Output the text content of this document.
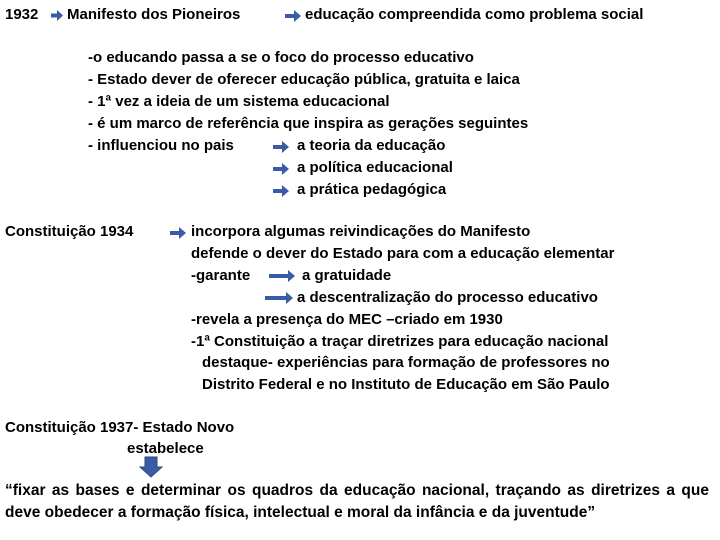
1932 Manifesto dos Pioneiros	educação compreendida como problema social
-o educando passa a se o foco do processo educativo
- Estado dever de oferecer educação pública, gratuita e laica
- 1ª vez a ideia de um sistema educacional
- é um marco de referência que inspira as gerações seguintes
- influenciou no pais	a teoria da educação
a política educacional
a prática pedagógica
Constituição 1934	incorpora algumas reivindicações do Manifesto
defende o dever do Estado para com a educação elementar
-garante	a gratuidade
a descentralização do processo educativo
-revela a presença do MEC –criado em 1930
-1ª Constituição a traçar diretrizes para educação nacional
destaque- experiências para formação de professores no
Distrito Federal e no Instituto de Educação em São Paulo
Constituição 1937- Estado Novo
estabelece
“fixar as bases e determinar os quadros da educação nacional, traçando as diretrizes a que deve obedecer a formação física, intelectual e moral da infância e da juventude”
